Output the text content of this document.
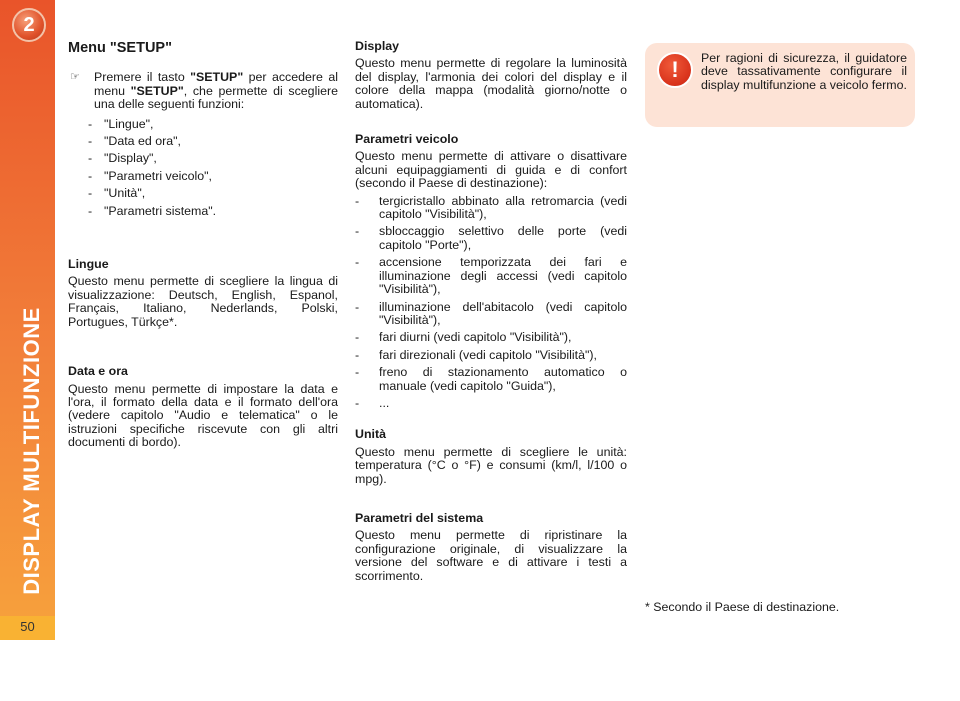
2
DISPLAY MULTIFUNZIONE
50
Menu "SETUP"
☞	Premere il tasto "SETUP" per accedere al menu "SETUP", che permette di scegliere una delle seguenti funzioni:
- "Lingue",
- "Data ed ora",
- "Display",
- "Parametri veicolo",
- "Unità",
- "Parametri sistema".
Lingue

Questo menu permette di scegliere la lingua di visualizzazione: Deutsch, English, Espanol, Français, Italiano, Nederlands, Polski, Portugues, Türkçe*.

Data e ora

Questo menu permette di impostare la data e l'ora, il formato della data e il formato dell'ora (vedere capitolo "Audio e telematica" o le istruzioni specifiche riscevute con gli altri documenti di bordo).

Display

Questo menu permette di regolare la luminosità del display, l'armonia dei colori del display e il colore della mappa (modalità giorno/notte o automatica).

Parametri veicolo

Questo menu permette di attivare o disattivare alcuni equipaggiamenti di guida e di confort (secondo il Paese di destinazione):

-	tergicristallo abbinato alla retromarcia (vedi capitolo "Visibilità"),
-	sbloccaggio selettivo delle porte (vedi capitolo "Porte"),
-	accensione temporizzata dei fari e illuminazione degli accessi (vedi capitolo "Visibilità"),
-	illuminazione dell'abitacolo (vedi capitolo "Visibilità"),
-	fari diurni (vedi capitolo "Visibilità"),
-	fari direzionali (vedi capitolo "Visibilità"),
-	freno di stazionamento automatico o manuale (vedi capitolo "Guida"),
-	...
Unità

Questo menu permette di scegliere le unità: temperatura (°C o °F) e consumi (km/l, l/100 o mpg).

Parametri del sistema

Questo menu permette di ripristinare la configurazione originale, di visualizzare la versione del software e di attivare i testi a scorrimento.

!	Per ragioni di sicurezza, il guidatore deve tassativamente configurare il display multifunzione a veicolo fermo.
* Secondo il Paese di destinazione.
